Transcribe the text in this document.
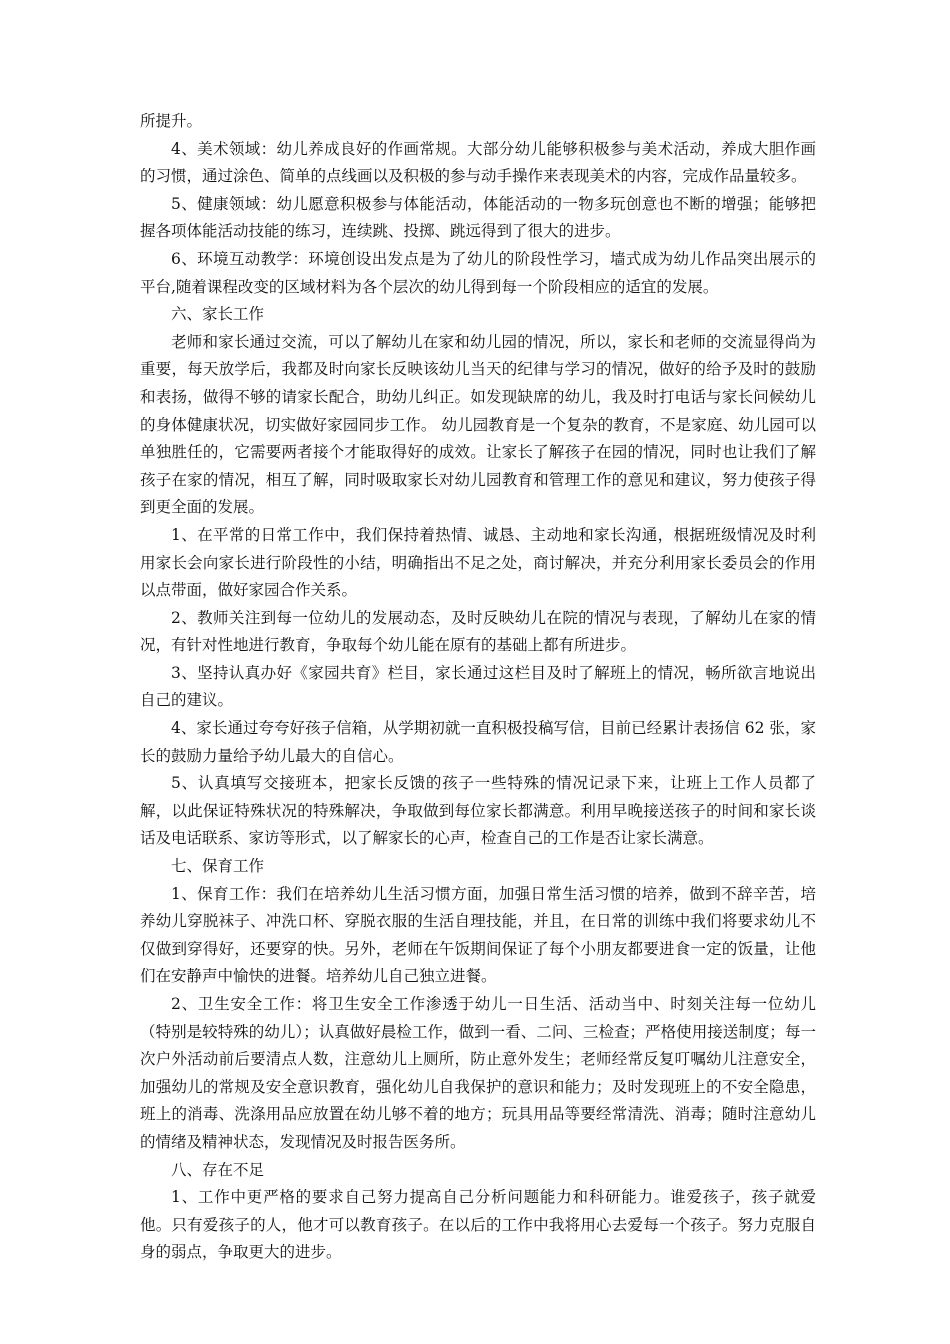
所提升。

4、美术领域：幼儿养成良好的作画常规。大部分幼儿能够积极参与美术活动，养成大胆作画的习惯，通过涂色、简单的点线画以及积极的参与动手操作来表现美术的内容，完成作品量较多。

5、健康领域：幼儿愿意积极参与体能活动，体能活动的一物多玩创意也不断的增强；能够把握各项体能活动技能的练习，连续跳、投掷、跳远得到了很大的进步。

6、环境互动教学：环境创设出发点是为了幼儿的阶段性学习，墙式成为幼儿作品突出展示的平台,随着课程改变的区域材料为各个层次的幼儿得到每一个阶段相应的适宜的发展。

六、家长工作

老师和家长通过交流，可以了解幼儿在家和幼儿园的情况，所以，家长和老师的交流显得尚为重要，每天放学后，我都及时向家长反映该幼儿当天的纪律与学习的情况，做好的给予及时的鼓励和表扬，做得不够的请家长配合，助幼儿纠正。如发现缺席的幼儿，我及时打电话与家长问候幼儿的身体健康状况，切实做好家园同步工作。 幼儿园教育是一个复杂的教育，不是家庭、幼儿园可以单独胜任的，它需要两者接个才能取得好的成效。让家长了解孩子在园的情况，同时也让我们了解孩子在家的情况，相互了解，同时吸取家长对幼儿园教育和管理工作的意见和建议，努力使孩子得到更全面的发展。

1、在平常的日常工作中，我们保持着热情、诚恳、主动地和家长沟通，根据班级情况及时利用家长会向家长进行阶段性的小结，明确指出不足之处，商讨解决，并充分利用家长委员会的作用以点带面，做好家园合作关系。

2、教师关注到每一位幼儿的发展动态，及时反映幼儿在院的情况与表现，了解幼儿在家的情况，有针对性地进行教育，争取每个幼儿能在原有的基础上都有所进步。

3、坚持认真办好《家园共育》栏目，家长通过这栏目及时了解班上的情况，畅所欲言地说出自己的建议。

4、家长通过夸夸好孩子信箱，从学期初就一直积极投稿写信，目前已经累计表扬信 62 张，家长的鼓励力量给予幼儿最大的自信心。

5、认真填写交接班本，把家长反馈的孩子一些特殊的情况记录下来，让班上工作人员都了解，以此保证特殊状况的特殊解决，争取做到每位家长都满意。利用早晚接送孩子的时间和家长谈话及电话联系、家访等形式，以了解家长的心声，检查自己的工作是否让家长满意。

七、保育工作

1、保育工作：我们在培养幼儿生活习惯方面，加强日常生活习惯的培养，做到不辞辛苦，培养幼儿穿脱袜子、冲洗口杯、穿脱衣服的生活自理技能，并且，在日常的训练中我们将要求幼儿不仅做到穿得好，还要穿的快。另外，老师在午饭期间保证了每个小朋友都要进食一定的饭量，让他们在安静声中愉快的进餐。培养幼儿自己独立进餐。

2、卫生安全工作：将卫生安全工作渗透于幼儿一日生活、活动当中、时刻关注每一位幼儿（特别是较特殊的幼儿）；认真做好晨检工作，做到一看、二问、三检查；严格使用接送制度；每一次户外活动前后要清点人数，注意幼儿上厕所，防止意外发生；老师经常反复叮嘱幼儿注意安全，加强幼儿的常规及安全意识教育，强化幼儿自我保护的意识和能力；及时发现班上的不安全隐患，班上的消毒、洗涤用品应放置在幼儿够不着的地方；玩具用品等要经常清洗、消毒；随时注意幼儿的情绪及精神状态，发现情况及时报告医务所。

八、存在不足

1、工作中更严格的要求自己努力提高自己分析问题能力和科研能力。谁爱孩子，孩子就爱他。只有爱孩子的人，他才可以教育孩子。在以后的工作中我将用心去爱每一个孩子。努力克服自身的弱点，争取更大的进步。
